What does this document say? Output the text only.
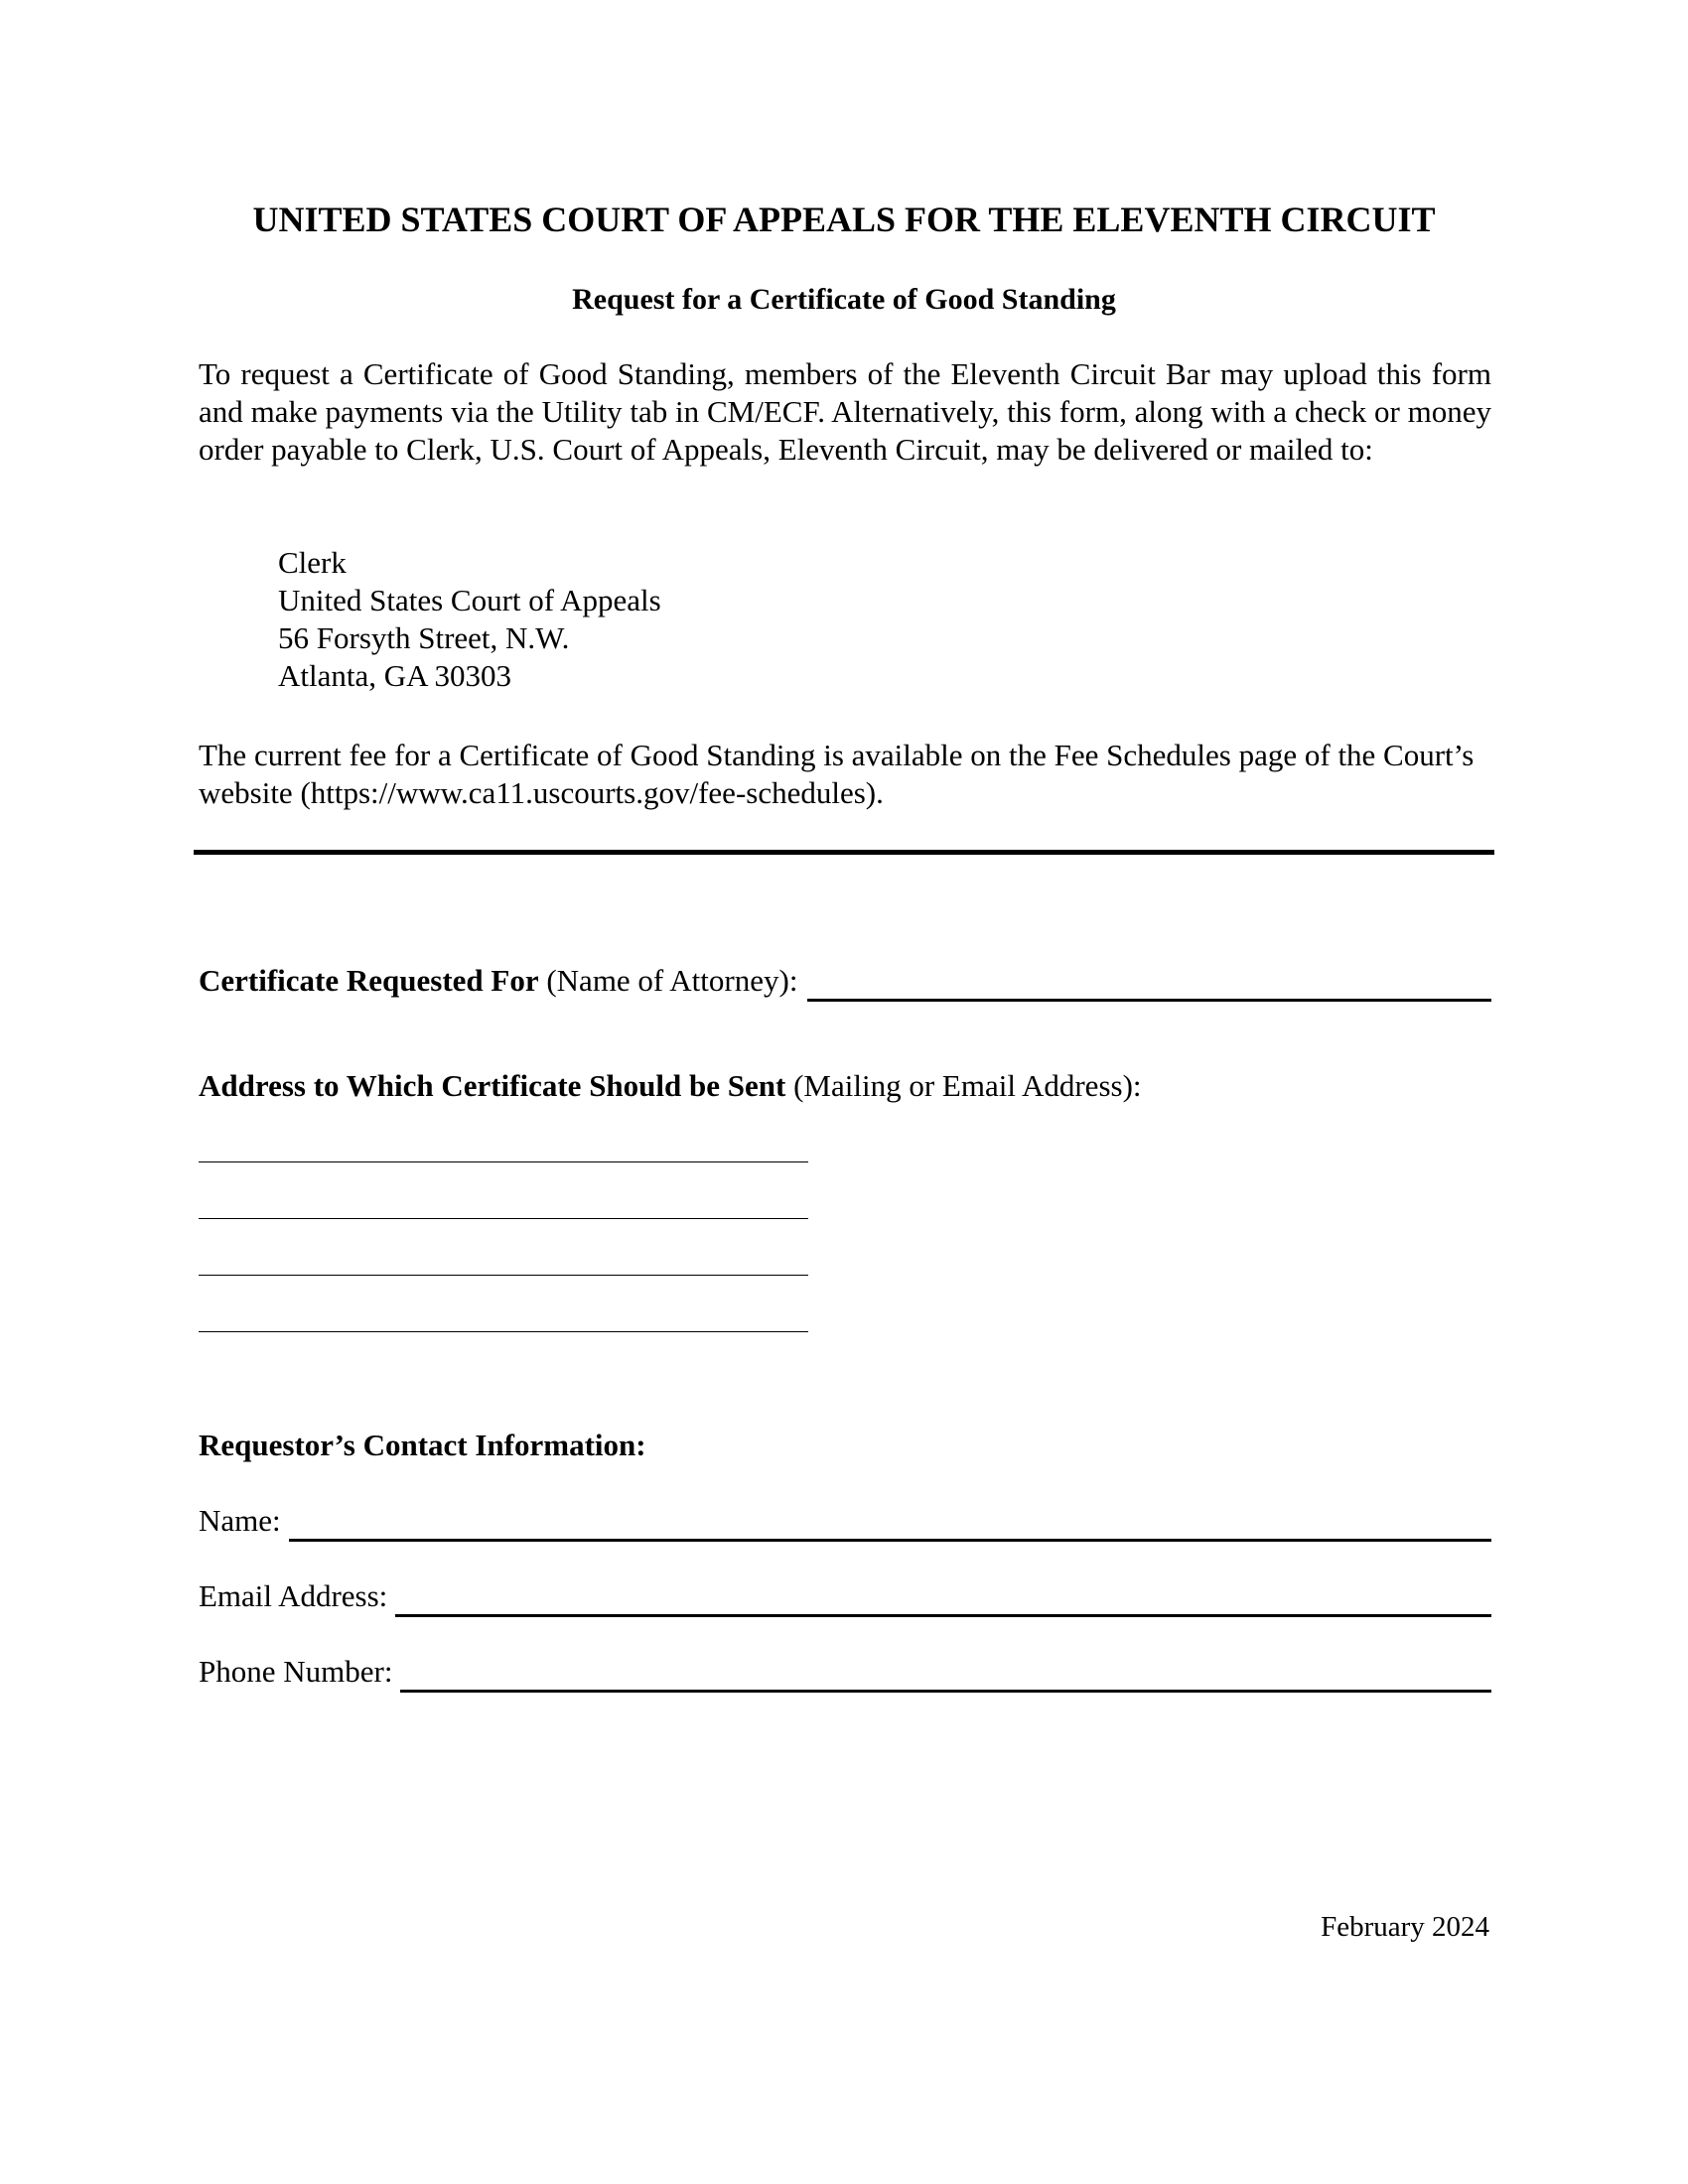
UNITED STATES COURT OF APPEALS FOR THE ELEVENTH CIRCUIT
Request for a Certificate of Good Standing
To request a Certificate of Good Standing, members of the Eleventh Circuit Bar may upload this form and make payments via the Utility tab in CM/ECF. Alternatively, this form, along with a check or money order payable to Clerk, U.S. Court of Appeals, Eleventh Circuit, may be delivered or mailed to:
Clerk
United States Court of Appeals
56 Forsyth Street, N.W.
Atlanta, GA 30303
The current fee for a Certificate of Good Standing is available on the Fee Schedules page of the Court’s website (https://www.ca11.uscourts.gov/fee-schedules).
Certificate Requested For (Name of Attorney):
Address to Which Certificate Should be Sent (Mailing or Email Address):
Requestor’s Contact Information:
Name:
Email Address:
Phone Number:
February 2024
